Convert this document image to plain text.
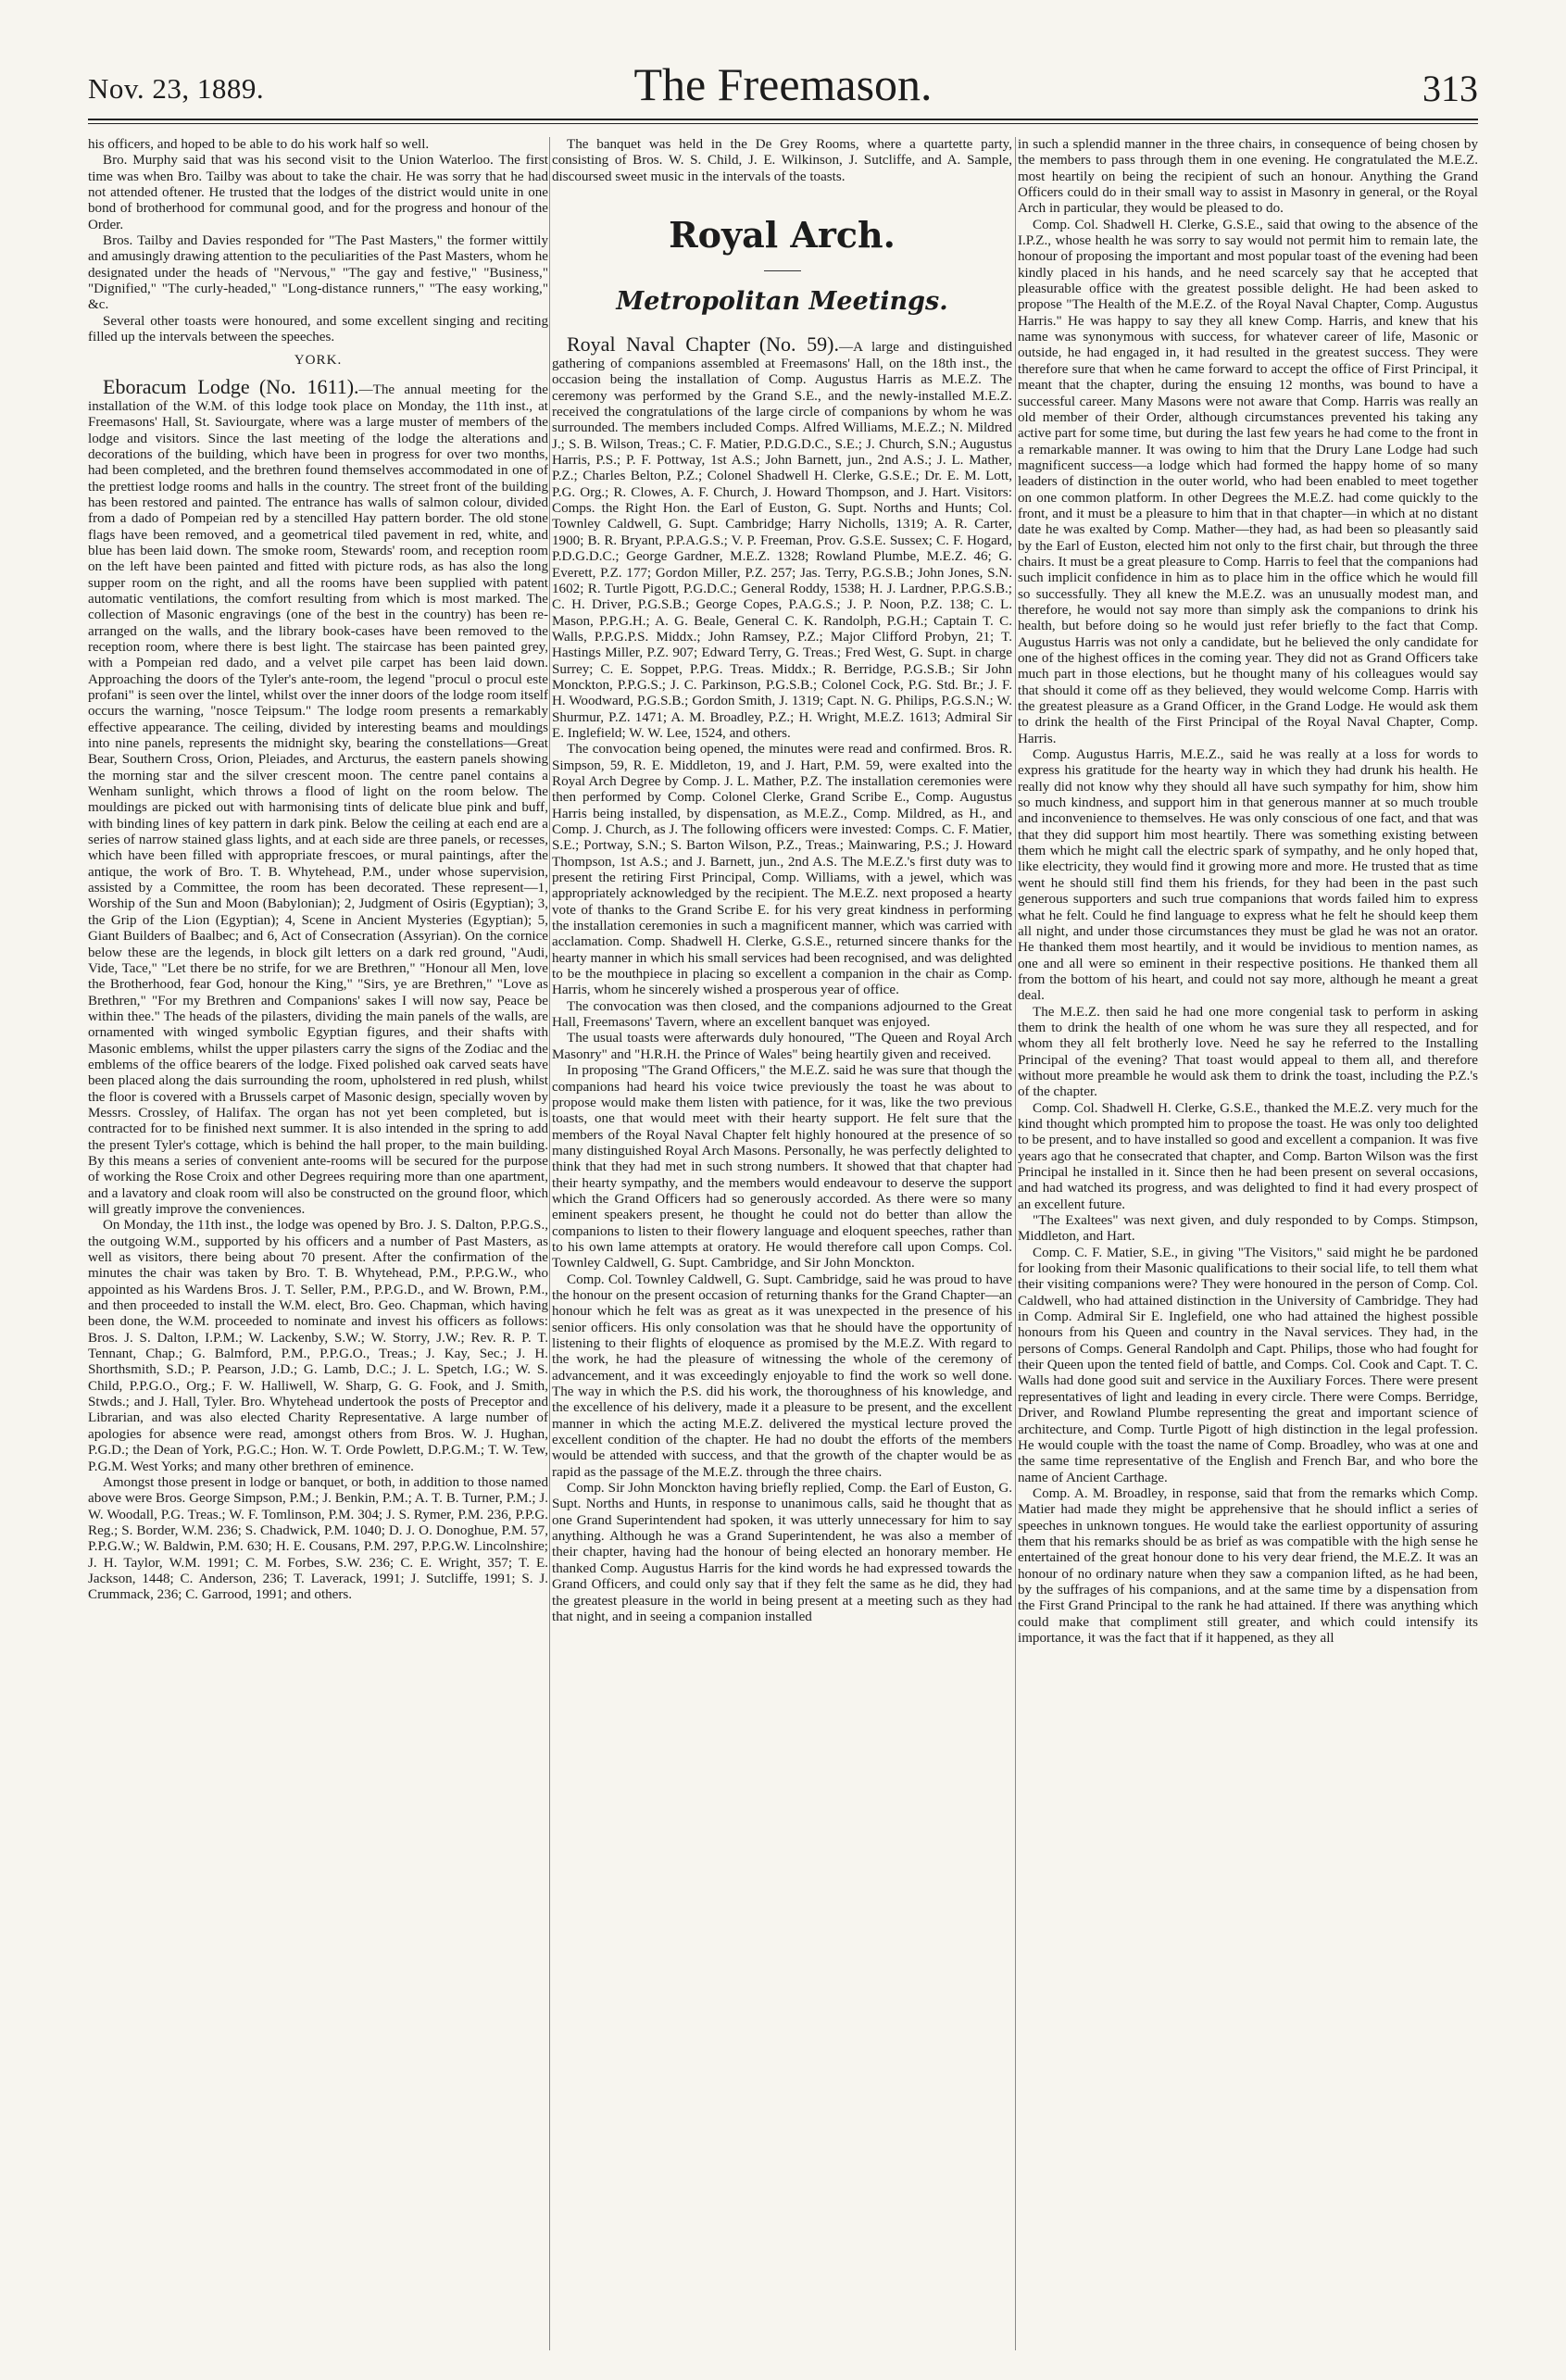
Nov. 23, 1889.	The Freemason.	313

his officers, and hoped to be able to do his work half so well.

Bro. Murphy said that was his second visit to the Union Waterloo. The first time was when Bro. Tailby was about to take the chair. He was sorry that he had not attended oftener. He trusted that the lodges of the district would unite in one bond of brotherhood for communal good, and for the progress and honour of the Order.

Bros. Tailby and Davies responded for "The Past Masters," the former wittily and amusingly drawing attention to the peculiarities of the Past Masters, whom he designated under the heads of "Nervous," "The gay and festive," "Business," "Dignified," "The curly-headed," "Long-distance runners," "The easy working," &c.

Several other toasts were honoured, and some excellent singing and reciting filled up the intervals between the speeches.

YORK.

Eboracum Lodge (No. 1611).—The annual meeting for the installation of the W.M. of this lodge took place on Monday, the 11th inst., at Freemasons' Hall, St. Saviourgate, where was a large muster of members of the lodge and visitors. Since the last meeting of the lodge the alterations and decorations of the building, which have been in progress for over two months, had been completed, and the brethren found themselves accommodated in one of the prettiest lodge rooms and halls in the country. The street front of the building has been restored and painted. The entrance has walls of salmon colour, divided from a dado of Pompeian red by a stencilled Hay pattern border. The old stone flags have been removed, and a geometrical tiled pavement in red, white, and blue has been laid down. The smoke room, Stewards' room, and reception room on the left have been painted and fitted with picture rods, as has also the long supper room on the right, and all the rooms have been supplied with patent automatic ventilations, the comfort resulting from which is most marked. The collection of Masonic engravings (one of the best in the country) has been re-arranged on the walls, and the library book-cases have been removed to the reception room, where there is best light. The staircase has been painted grey, with a Pompeian red dado, and a velvet pile carpet has been laid down. Approaching the doors of the Tyler's ante-room, the legend "procul o procul este profani" is seen over the lintel, whilst over the inner doors of the lodge room itself occurs the warning, "nosce Teipsum." The lodge room presents a remarkably effective appearance. The ceiling, divided by interesting beams and mouldings into nine panels, represents the midnight sky, bearing the constellations—Great Bear, Southern Cross, Orion, Pleiades, and Arcturus, the eastern panels showing the morning star and the silver crescent moon. The centre panel contains a Wenham sunlight, which throws a flood of light on the room below. The mouldings are picked out with harmonising tints of delicate blue pink and buff, with binding lines of key pattern in dark pink. Below the ceiling at each end are a series of narrow stained glass lights, and at each side are three panels, or recesses, which have been filled with appropriate frescoes, or mural paintings, after the antique, the work of Bro. T. B. Whytehead, P.M., under whose supervision, assisted by a Committee, the room has been decorated. These represent—1, Worship of the Sun and Moon (Babylonian); 2, Judgment of Osiris (Egyptian); 3, the Grip of the Lion (Egyptian); 4, Scene in Ancient Mysteries (Egyptian); 5, Giant Builders of Baalbec; and 6, Act of Consecration (Assyrian). On the cornice below these are the legends, in block gilt letters on a dark red ground, "Audi, Vide, Tace," "Let there be no strife, for we are Brethren," "Honour all Men, love the Brotherhood, fear God, honour the King," "Sirs, ye are Brethren," "Love as Brethren," "For my Brethren and Companions' sakes I will now say, Peace be within thee." The heads of the pilasters, dividing the main panels of the walls, are ornamented with winged symbolic Egyptian figures, and their shafts with Masonic emblems, whilst the upper pilasters carry the signs of the Zodiac and the emblems of the office bearers of the lodge. Fixed polished oak carved seats have been placed along the dais surrounding the room, upholstered in red plush, whilst the floor is covered with a Brussels carpet of Masonic design, specially woven by Messrs. Crossley, of Halifax. The organ has not yet been completed, but is contracted for to be finished next summer. It is also intended in the spring to add the present Tyler's cottage, which is behind the hall proper, to the main building. By this means a series of convenient ante-rooms will be secured for the purpose of working the Rose Croix and other Degrees requiring more than one apartment, and a lavatory and cloak room will also be constructed on the ground floor, which will greatly improve the conveniences.

On Monday, the 11th inst., the lodge was opened by Bro. J. S. Dalton, P.P.G.S., the outgoing W.M., supported by his officers and a number of Past Masters, as well as visitors, there being about 70 present. After the confirmation of the minutes the chair was taken by Bro. T. B. Whytehead, P.M., P.P.G.W., who appointed as his Wardens Bros. J. T. Seller, P.M., P.P.G.D., and W. Brown, P.M., and then proceeded to install the W.M. elect, Bro. Geo. Chapman, which having been done, the W.M. proceeded to nominate and invest his officers as follows: Bros. J. S. Dalton, I.P.M.; W. Lackenby, S.W.; W. Storry, J.W.; Rev. R. P. T. Tennant, Chap.; G. Balmford, P.M., P.P.G.O., Treas.; J. Kay, Sec.; J. H. Shorthsmith, S.D.; P. Pearson, J.D.; G. Lamb, D.C.; J. L. Spetch, I.G.; W. S. Child, P.P.G.O., Org.; F. W. Halliwell, W. Sharp, G. G. Fook, and J. Smith, Stwds.; and J. Hall, Tyler. Bro. Whytehead undertook the posts of Preceptor and Librarian, and was also elected Charity Representative. A large number of apologies for absence were read, amongst others from Bros. W. J. Hughan, P.G.D.; the Dean of York, P.G.C.; Hon. W. T. Orde Powlett, D.P.G.M.; T. W. Tew, P.G.M. West Yorks; and many other brethren of eminence.

Amongst those present in lodge or banquet, or both, in addition to those named above were Bros. George Simpson, P.M.; J. Benkin, P.M.; A. T. B. Turner, P.M.; J. W. Woodall, P.G. Treas.; W. F. Tomlinson, P.M. 304; J. S. Rymer, P.M. 236, P.P.G. Reg.; S. Border, W.M. 236; S. Chadwick, P.M. 1040; D. J. O. Donoghue, P.M. 57, P.P.G.W.; W. Baldwin, P.M. 630; H. E. Cousans, P.M. 297, P.P.G.W. Lincolnshire; J. H. Taylor, W.M. 1991; C. M. Forbes, S.W. 236; C. E. Wright, 357; T. E. Jackson, 1448; C. Anderson, 236; T. Laverack, 1991; J. Sutcliffe, 1991; S. J. Crummack, 236; C. Garrood, 1991; and others.

The banquet was held in the De Grey Rooms, where a quartette party, consisting of Bros. W. S. Child, J. E. Wilkinson, J. Sutcliffe, and A. Sample, discoursed sweet music in the intervals of the toasts.

Royal Arch.

Metropolitan Meetings.

Royal Naval Chapter (No. 59).—A large and distinguished gathering of companions assembled at Freemasons' Hall, on the 18th inst., the occasion being the installation of Comp. Augustus Harris as M.E.Z. The ceremony was performed by the Grand S.E., and the newly-installed M.E.Z. received the congratulations of the large circle of companions by whom he was surrounded. The members included Comps. Alfred Williams, M.E.Z.; N. Mildred J.; S. B. Wilson, Treas.; C. F. Matier, P.D.G.D.C., S.E.; J. Church, S.N.; Augustus Harris, P.S.; P. F. Pottway, 1st A.S.; John Barnett, jun., 2nd A.S.; J. L. Mather, P.Z.; Charles Belton, P.Z.; Colonel Shadwell H. Clerke, G.S.E.; Dr. E. M. Lott, P.G. Org.; R. Clowes, A. F. Church, J. Howard Thompson, and J. Hart. Visitors: Comps. the Right Hon. the Earl of Euston, G. Supt. Norths and Hunts; Col. Townley Caldwell, G. Supt. Cambridge; Harry Nicholls, 1319; A. R. Carter, 1900; B. R. Bryant, P.P.A.G.S.; V. P. Freeman, Prov. G.S.E. Sussex; C. F. Hogard, P.D.G.D.C.; George Gardner, M.E.Z. 1328; Rowland Plumbe, M.E.Z. 46; G. Everett, P.Z. 177; Gordon Miller, P.Z. 257; Jas. Terry, P.G.S.B.; John Jones, S.N. 1602; R. Turtle Pigott, P.G.D.C.; General Roddy, 1538; H. J. Lardner, P.P.G.S.B.; C. H. Driver, P.G.S.B.; George Copes, P.A.G.S.; J. P. Noon, P.Z. 138; C. L. Mason, P.P.G.H.; A. G. Beale, General C. K. Randolph, P.G.H.; Captain T. C. Walls, P.P.G.P.S. Middx.; John Ramsey, P.Z.; Major Clifford Probyn, 21; T. Hastings Miller, P.Z. 907; Edward Terry, G. Treas.; Fred West, G. Supt. in charge Surrey; C. E. Soppet, P.P.G. Treas. Middx.; R. Berridge, P.G.S.B.; Sir John Monckton, P.P.G.S.; J. C. Parkinson, P.G.S.B.; Colonel Cock, P.G. Std. Br.; J. F. H. Woodward, P.G.S.B.; Gordon Smith, J. 1319; Capt. N. G. Philips, P.G.S.N.; W. Shurmur, P.Z. 1471; A. M. Broadley, P.Z.; H. Wright, M.E.Z. 1613; Admiral Sir E. Inglefield; W. W. Lee, 1524, and others.

The convocation being opened, the minutes were read and confirmed. Bros. R. Simpson, 59, R. E. Middleton, 19, and J. Hart, P.M. 59, were exalted into the Royal Arch Degree by Comp. J. L. Mather, P.Z. The installation ceremonies were then performed by Comp. Colonel Clerke, Grand Scribe E., Comp. Augustus Harris being installed, by dispensation, as M.E.Z., Comp. Mildred, as H., and Comp. J. Church, as J. The following officers were invested: Comps. C. F. Matier, S.E.; Portway, S.N.; S. Barton Wilson, P.Z., Treas.; Mainwaring, P.S.; J. Howard Thompson, 1st A.S.; and J. Barnett, jun., 2nd A.S. The M.E.Z.'s first duty was to present the retiring First Principal, Comp. Williams, with a jewel, which was appropriately acknowledged by the recipient. The M.E.Z. next proposed a hearty vote of thanks to the Grand Scribe E. for his very great kindness in performing the installation ceremonies in such a magnificent manner, which was carried with acclamation. Comp. Shadwell H. Clerke, G.S.E., returned sincere thanks for the hearty manner in which his small services had been recognised, and was delighted to be the mouthpiece in placing so excellent a companion in the chair as Comp. Harris, whom he sincerely wished a prosperous year of office.

The convocation was then closed, and the companions adjourned to the Great Hall, Freemasons' Tavern, where an excellent banquet was enjoyed.

The usual toasts were afterwards duly honoured, "The Queen and Royal Arch Masonry" and "H.R.H. the Prince of Wales" being heartily given and received.

In proposing "The Grand Officers," the M.E.Z. said he was sure that though the companions had heard his voice twice previously the toast he was about to propose would make them listen with patience, for it was, like the two previous toasts, one that would meet with their hearty support. He felt sure that the members of the Royal Naval Chapter felt highly honoured at the presence of so many distinguished Royal Arch Masons. Personally, he was perfectly delighted to think that they had met in such strong numbers. It showed that that chapter had their hearty sympathy, and the members would endeavour to deserve the support which the Grand Officers had so generously accorded. As there were so many eminent speakers present, he thought he could not do better than allow the companions to listen to their flowery language and eloquent speeches, rather than to his own lame attempts at oratory. He would therefore call upon Comps. Col. Townley Caldwell, G. Supt. Cambridge, and Sir John Monckton.

Comp. Col. Townley Caldwell, G. Supt. Cambridge, said he was proud to have the honour on the present occasion of returning thanks for the Grand Chapter—an honour which he felt was as great as it was unexpected in the presence of his senior officers. His only consolation was that he should have the opportunity of listening to their flights of eloquence as promised by the M.E.Z. With regard to the work, he had the pleasure of witnessing the whole of the ceremony of advancement, and it was exceedingly enjoyable to find the work so well done. The way in which the P.S. did his work, the thoroughness of his knowledge, and the excellence of his delivery, made it a pleasure to be present, and the excellent manner in which the acting M.E.Z. delivered the mystical lecture proved the excellent condition of the chapter. He had no doubt the efforts of the members would be attended with success, and that the growth of the chapter would be as rapid as the passage of the M.E.Z. through the three chairs.

Comp. Sir John Monckton having briefly replied, Comp. the Earl of Euston, G. Supt. Norths and Hunts, in response to unanimous calls, said he thought that as one Grand Superintendent had spoken, it was utterly unnecessary for him to say anything. Although he was a Grand Superintendent, he was also a member of their chapter, having had the honour of being elected an honorary member. He thanked Comp. Augustus Harris for the kind words he had expressed towards the Grand Officers, and could only say that if they felt the same as he did, they had the greatest pleasure in the world in being present at a meeting such as they had that night, and in seeing a companion installed

in such a splendid manner in the three chairs, in consequence of being chosen by the members to pass through them in one evening. He congratulated the M.E.Z. most heartily on being the recipient of such an honour. Anything the Grand Officers could do in their small way to assist in Masonry in general, or the Royal Arch in particular, they would be pleased to do.

Comp. Col. Shadwell H. Clerke, G.S.E., said that owing to the absence of the I.P.Z., whose health he was sorry to say would not permit him to remain late, the honour of proposing the important and most popular toast of the evening had been kindly placed in his hands, and he need scarcely say that he accepted that pleasurable office with the greatest possible delight. He had been asked to propose "The Health of the M.E.Z. of the Royal Naval Chapter, Comp. Augustus Harris." He was happy to say they all knew Comp. Harris, and knew that his name was synonymous with success, for whatever career of life, Masonic or outside, he had engaged in, it had resulted in the greatest success. They were therefore sure that when he came forward to accept the office of First Principal, it meant that the chapter, during the ensuing 12 months, was bound to have a successful career. Many Masons were not aware that Comp. Harris was really an old member of their Order, although circumstances prevented his taking any active part for some time, but during the last few years he had come to the front in a remarkable manner. It was owing to him that the Drury Lane Lodge had such magnificent success—a lodge which had formed the happy home of so many leaders of distinction in the outer world, who had been enabled to meet together on one common platform. In other Degrees the M.E.Z. had come quickly to the front, and it must be a pleasure to him that in that chapter—in which at no distant date he was exalted by Comp. Mather—they had, as had been so pleasantly said by the Earl of Euston, elected him not only to the first chair, but through the three chairs. It must be a great pleasure to Comp. Harris to feel that the companions had such implicit confidence in him as to place him in the office which he would fill so successfully. They all knew the M.E.Z. was an unusually modest man, and therefore, he would not say more than simply ask the companions to drink his health, but before doing so he would just refer briefly to the fact that Comp. Augustus Harris was not only a candidate, but he believed the only candidate for one of the highest offices in the coming year. They did not as Grand Officers take much part in those elections, but he thought many of his colleagues would say that should it come off as they believed, they would welcome Comp. Harris with the greatest pleasure as a Grand Officer, in the Grand Lodge. He would ask them to drink the health of the First Principal of the Royal Naval Chapter, Comp. Harris.

Comp. Augustus Harris, M.E.Z., said he was really at a loss for words to express his gratitude for the hearty way in which they had drunk his health. He really did not know why they should all have such sympathy for him, show him so much kindness, and support him in that generous manner at so much trouble and inconvenience to themselves. He was only conscious of one fact, and that was that they did support him most heartily. There was something existing between them which he might call the electric spark of sympathy, and he only hoped that, like electricity, they would find it growing more and more. He trusted that as time went he should still find them his friends, for they had been in the past such generous supporters and such true companions that words failed him to express what he felt. Could he find language to express what he felt he should keep them all night, and under those circumstances they must be glad he was not an orator. He thanked them most heartily, and it would be invidious to mention names, as one and all were so eminent in their respective positions. He thanked them all from the bottom of his heart, and could not say more, although he meant a great deal.

The M.E.Z. then said he had one more congenial task to perform in asking them to drink the health of one whom he was sure they all respected, and for whom they all felt brotherly love. Need he say he referred to the Installing Principal of the evening? That toast would appeal to them all, and therefore without more preamble he would ask them to drink the toast, including the P.Z.'s of the chapter.

Comp. Col. Shadwell H. Clerke, G.S.E., thanked the M.E.Z. very much for the kind thought which prompted him to propose the toast. He was only too delighted to be present, and to have installed so good and excellent a companion. It was five years ago that he consecrated that chapter, and Comp. Barton Wilson was the first Principal he installed in it. Since then he had been present on several occasions, and had watched its progress, and was delighted to find it had every prospect of an excellent future.

"The Exaltees" was next given, and duly responded to by Comps. Stimpson, Middleton, and Hart.

Comp. C. F. Matier, S.E., in giving "The Visitors," said might he be pardoned for looking from their Masonic qualifications to their social life, to tell them what their visiting companions were? They were honoured in the person of Comp. Col. Caldwell, who had attained distinction in the University of Cambridge. They had in Comp. Admiral Sir E. Inglefield, one who had attained the highest possible honours from his Queen and country in the Naval services. They had, in the persons of Comps. General Randolph and Capt. Philips, those who had fought for their Queen upon the tented field of battle, and Comps. Col. Cook and Capt. T. C. Walls had done good suit and service in the Auxiliary Forces. There were present representatives of light and leading in every circle. There were Comps. Berridge, Driver, and Rowland Plumbe representing the great and important science of architecture, and Comp. Turtle Pigott of high distinction in the legal profession. He would couple with the toast the name of Comp. Broadley, who was at one and the same time representative of the English and French Bar, and who bore the name of Ancient Carthage.

Comp. A. M. Broadley, in response, said that from the remarks which Comp. Matier had made they might be apprehensive that he should inflict a series of speeches in unknown tongues. He would take the earliest opportunity of assuring them that his remarks should be as brief as was compatible with the high sense he entertained of the great honour done to his very dear friend, the M.E.Z. It was an honour of no ordinary nature when they saw a companion lifted, as he had been, by the suffrages of his companions, and at the same time by a dispensation from the First Grand Principal to the rank he had attained. If there was anything which could make that compliment still greater, and which could intensify its importance, it was the fact that if it happened, as they all
